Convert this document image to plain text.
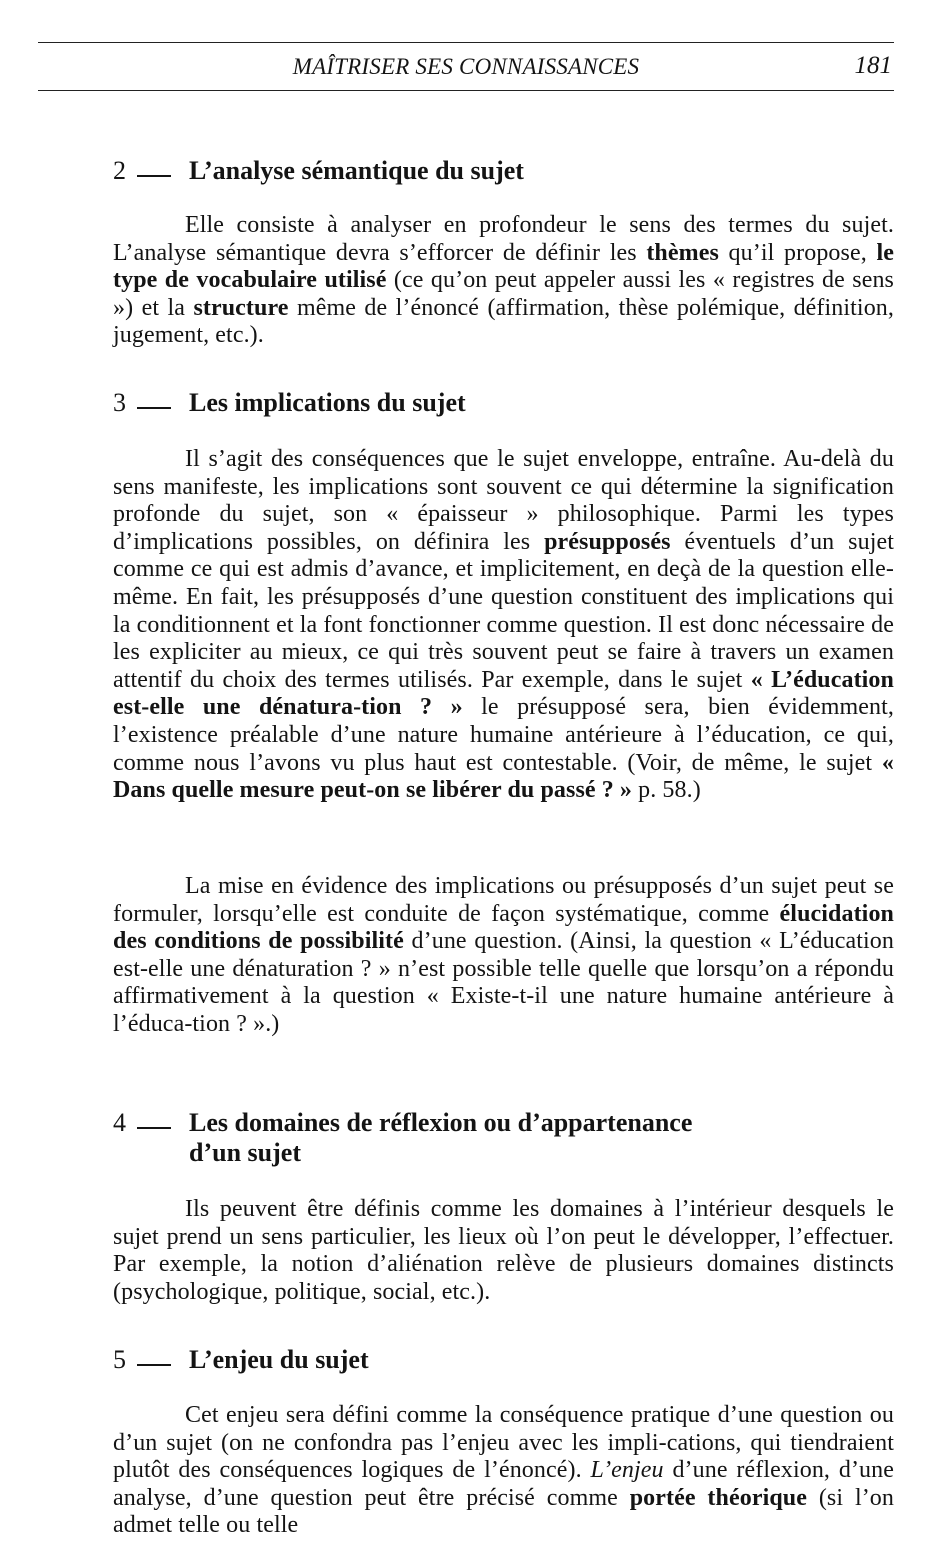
MAÎTRISER SES CONNAISSANCES	181
2 L’analyse sémantique du sujet

Elle consiste à analyser en profondeur le sens des termes du sujet. L’analyse sémantique devra s’efforcer de définir les thèmes qu’il propose, le type de vocabulaire utilisé (ce qu’on peut appeler aussi les « registres de sens ») et la structure même de l’énoncé (affirmation, thèse polémique, définition, jugement, etc.).

3 Les implications du sujet

Il s’agit des conséquences que le sujet enveloppe, entraîne. Au-delà du sens manifeste, les implications sont souvent ce qui détermine la signification profonde du sujet, son « épaisseur » philosophique. Parmi les types d’implications possibles, on définira les présupposés éventuels d’un sujet comme ce qui est admis d’avance, et implicitement, en deçà de la question elle-même. En fait, les présupposés d’une question constituent des implications qui la conditionnent et la font fonctionner comme question. Il est donc nécessaire de les expliciter au mieux, ce qui très souvent peut se faire à travers un examen attentif du choix des termes utilisés. Par exemple, dans le sujet « L’éducation est-elle une dénatura-tion ? » le présupposé sera, bien évidemment, l’existence préalable d’une nature humaine antérieure à l’éducation, ce qui, comme nous l’avons vu plus haut est contestable. (Voir, de même, le sujet « Dans quelle mesure peut-on se libérer du passé ? » p. 58.)

La mise en évidence des implications ou présupposés d’un sujet peut se formuler, lorsqu’elle est conduite de façon systématique, comme élucidation des conditions de possibilité d’une question. (Ainsi, la question « L’éducation est-elle une dénaturation ? » n’est possible telle quelle que lorsqu’on a répondu affirmativement à la question « Existe-t-il une nature humaine antérieure à l’éduca-tion ? ».)

4 Les domaines de réflexion ou d’appartenance
d’un sujet

Ils peuvent être définis comme les domaines à l’intérieur desquels le sujet prend un sens particulier, les lieux où l’on peut le développer, l’effectuer. Par exemple, la notion d’aliénation relève de plusieurs domaines distincts (psychologique, politique, social, etc.).

5 L’enjeu du sujet

Cet enjeu sera défini comme la conséquence pratique d’une question ou d’un sujet (on ne confondra pas l’enjeu avec les impli-cations, qui tiendraient plutôt des conséquences logiques de l’énoncé). L’enjeu d’une réflexion, d’une analyse, d’une question peut être précisé comme portée théorique (si l’on admet telle ou telle
